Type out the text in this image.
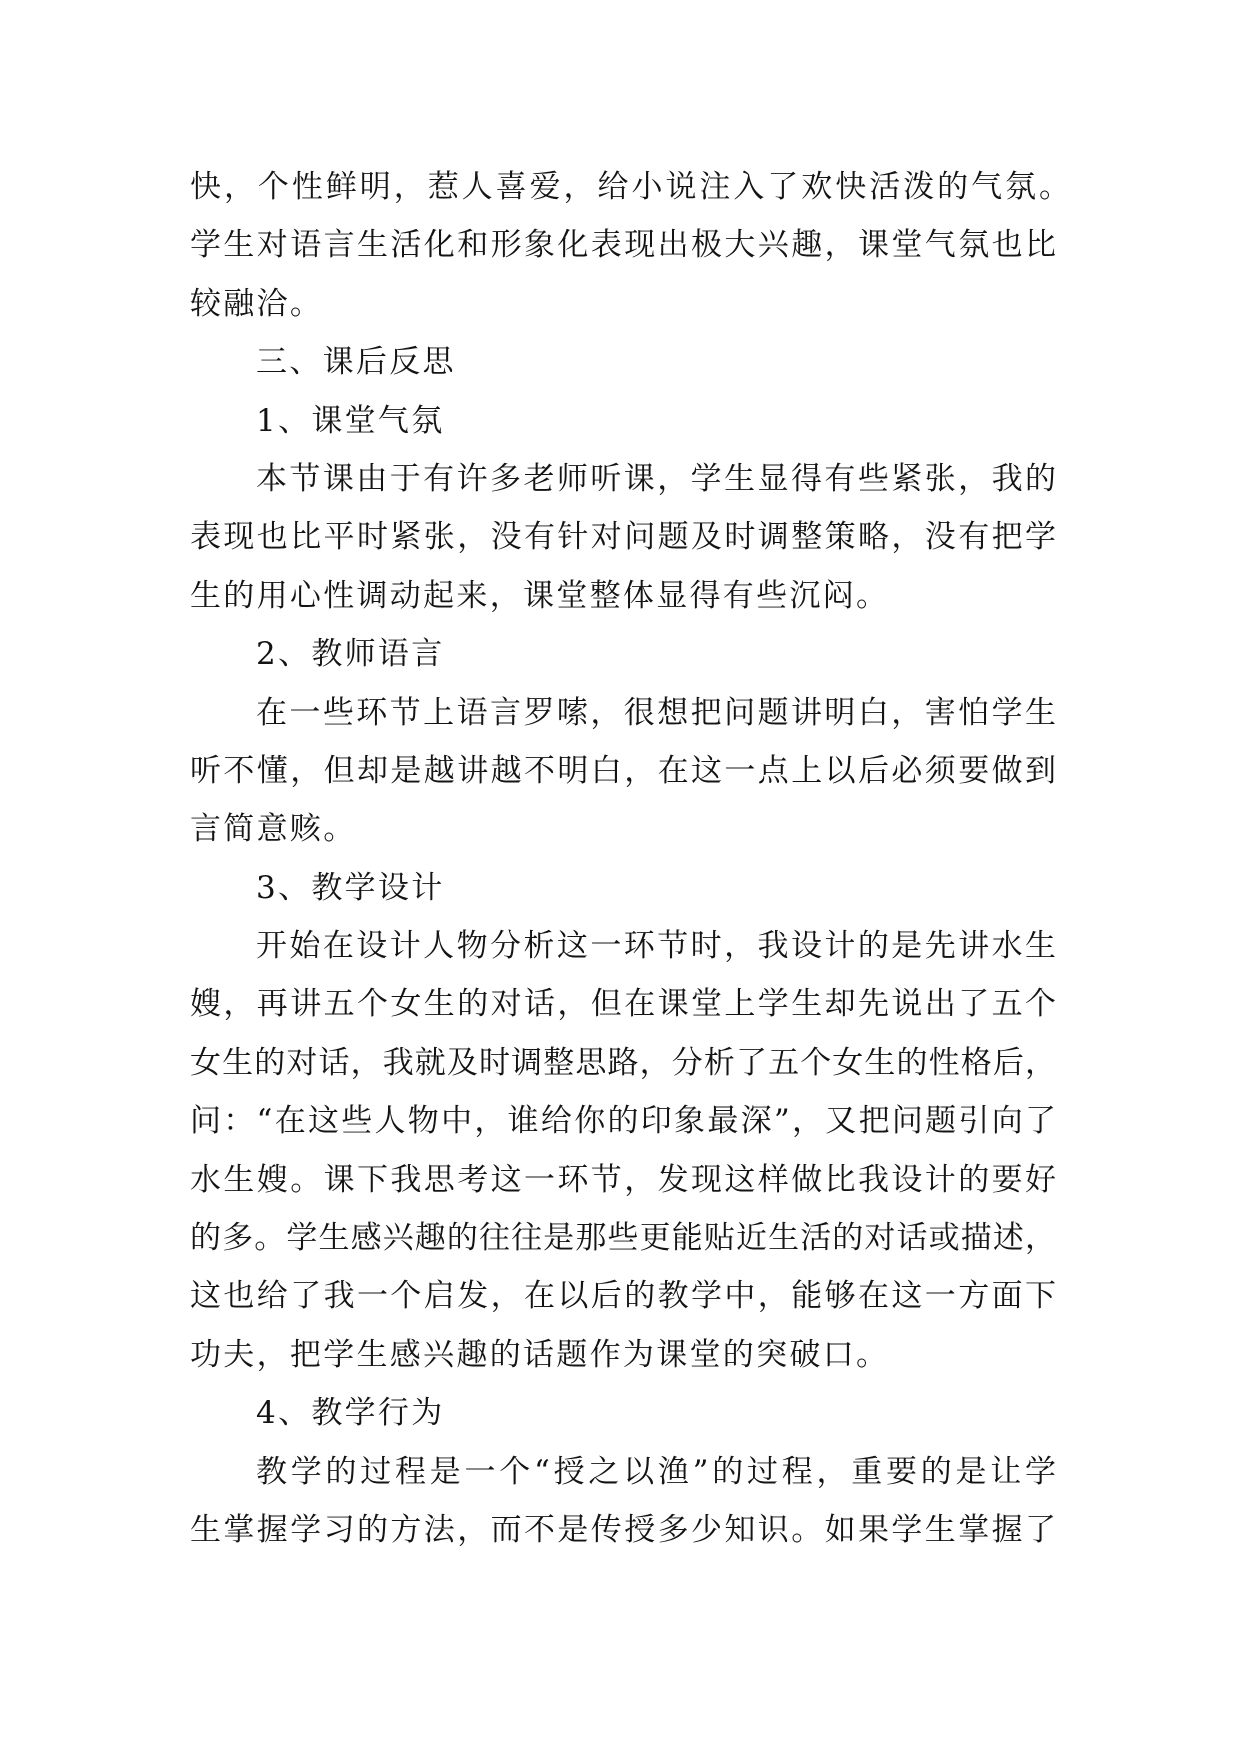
快，个性鲜明，惹人喜爱，给小说注入了欢快活泼的气氛。
学生对语言生活化和形象化表现出极大兴趣，课堂气氛也比
较融洽。
三、课后反思
1、课堂气氛
本节课由于有许多老师听课，学生显得有些紧张，我的
表现也比平时紧张，没有针对问题及时调整策略，没有把学
生的用心性调动起来，课堂整体显得有些沉闷。
2、教师语言
在一些环节上语言罗嗦，很想把问题讲明白，害怕学生
听不懂，但却是越讲越不明白，在这一点上以后必须要做到
言简意赅。
3、教学设计
开始在设计人物分析这一环节时，我设计的是先讲水生
嫂，再讲五个女生的对话，但在课堂上学生却先说出了五个
女生的对话，我就及时调整思路，分析了五个女生的性格后，
问：“在这些人物中，谁给你的印象最深”，又把问题引向了
水生嫂。课下我思考这一环节，发现这样做比我设计的要好
的多。学生感兴趣的往往是那些更能贴近生活的对话或描述，
这也给了我一个启发，在以后的教学中，能够在这一方面下
功夫，把学生感兴趣的话题作为课堂的突破口。
4、教学行为
教学的过程是一个“授之以渔”的过程，重要的是让学
生掌握学习的方法，而不是传授多少知识。如果学生掌握了
